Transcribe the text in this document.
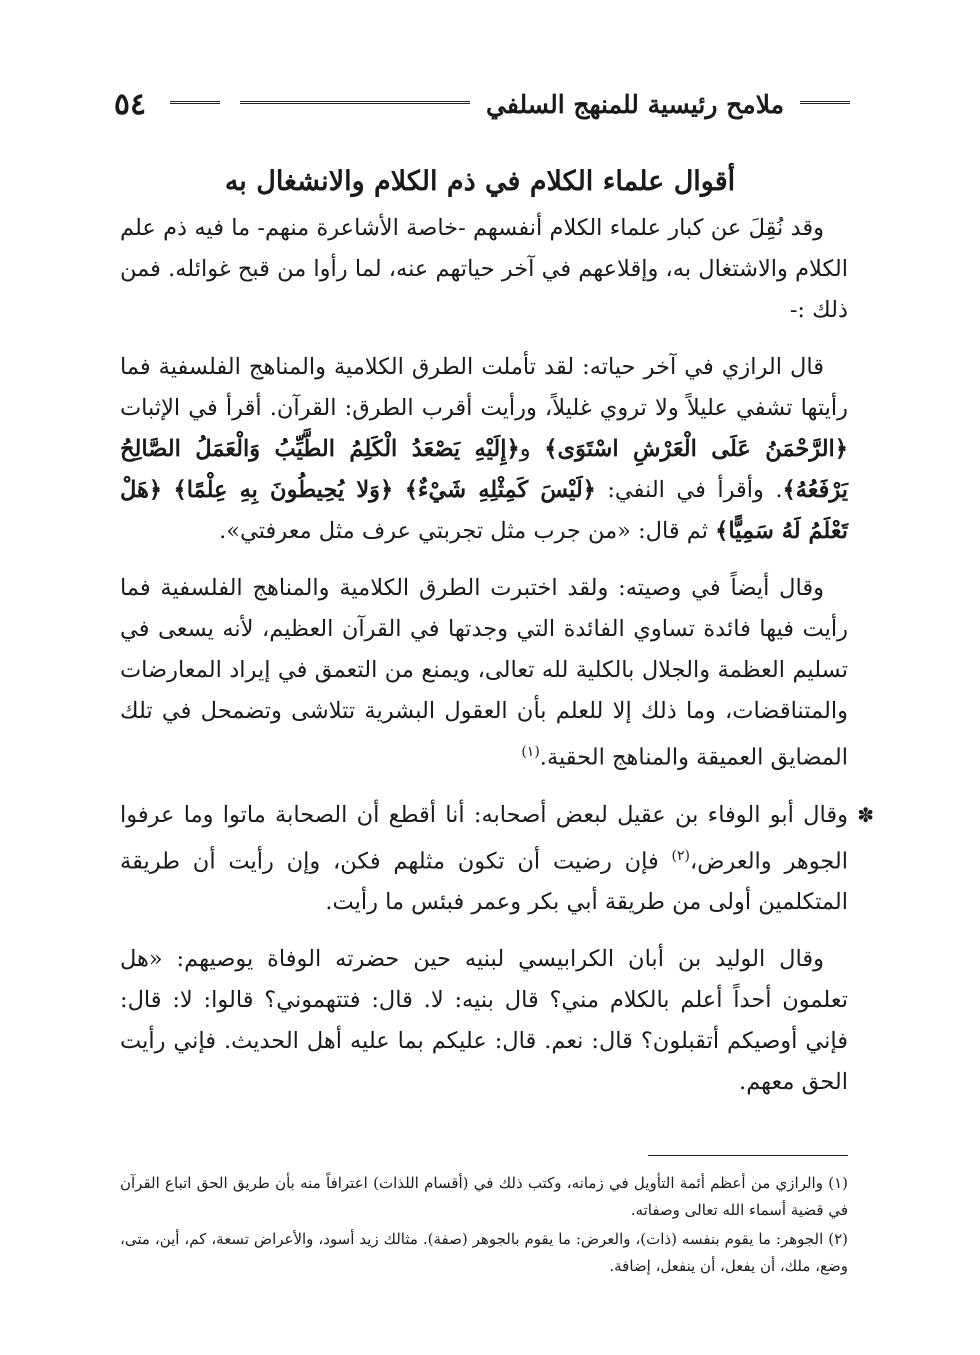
٥٤	ملامح رئيسية للمنهج السلفي
أقوال علماء الكلام في ذم الكلام والانشغال به

وقد نُقِلَ عن كبار علماء الكلام أنفسهم -خاصة الأشاعرة منهم- ما فيه ذم علم الكلام والاشتغال به، وإقلاعهم في آخر حياتهم عنه، لما رأوا من قبح غوائله. فمن ذلك :-

قال الرازي في آخر حياته: لقد تأملت الطرق الكلامية والمناهج الفلسفية فما رأيتها تشفي عليلاً ولا تروي غليلاً، ورأيت أقرب الطرق: القرآن. أقرأ في الإثبات ﴿الرَّحْمَنُ عَلَى الْعَرْشِ اسْتَوَى﴾ و﴿إِلَيْهِ يَصْعَدُ الْكَلِمُ الطَّيِّبُ وَالْعَمَلُ الصَّالِحُ يَرْفَعُهُ﴾. وأقرأ في النفي: ﴿لَيْسَ كَمِثْلِهِ شَيْءٌ﴾ ﴿وَلا يُحِيطُونَ بِهِ عِلْمًا﴾ ﴿هَلْ تَعْلَمُ لَهُ سَمِيًّا﴾ ثم قال: «من جرب مثل تجربتي عرف مثل معرفتي».

وقال أيضاً في وصيته: ولقد اختبرت الطرق الكلامية والمناهج الفلسفية فما رأيت فيها فائدة تساوي الفائدة التي وجدتها في القرآن العظيم، لأنه يسعى في تسليم العظمة والجلال بالكلية لله تعالى، ويمنع من التعمق في إيراد المعارضات والمتناقضات، وما ذلك إلا للعلم بأن العقول البشرية تتلاشى وتضمحل في تلك المضايق العميقة والمناهج الحقية.$^{(١)}$

✽
وقال أبو الوفاء بن عقيل لبعض أصحابه: أنا أقطع أن الصحابة ماتوا وما عرفوا الجوهر والعرض،$^{(٢)}$ فإن رضيت أن تكون مثلهم فكن، وإن رأيت أن طريقة المتكلمين أولى من طريقة أبي بكر وعمر فبئس ما رأيت.

وقال الوليد بن أبان الكرابيسي لبنيه حين حضرته الوفاة يوصيهم: «هل تعلمون أحداً أعلم بالكلام مني؟ قال بنيه: لا. قال: فتتهموني؟ قالوا: لا: قال: فإني أوصيكم أتقبلون؟ قال: نعم. قال: عليكم بما عليه أهل الحديث. فإني رأيت الحق معهم.

(١) والرازي من أعظم أئمة التأويل في زمانه، وكتب ذلك في (أقسام اللذات) اعترافاً منه بأن طريق الحق اتباع القرآن في قضية أسماء الله تعالى وصفاته.

(٢) الجوهر: ما يقوم بنفسه (ذات)، والعرض: ما يقوم بالجوهر (صفة). مثالك زيد أسود، والأعراض تسعة، كم، أين، متى، وضع، ملك، أن يفعل، أن ينفعل، إضافة.
